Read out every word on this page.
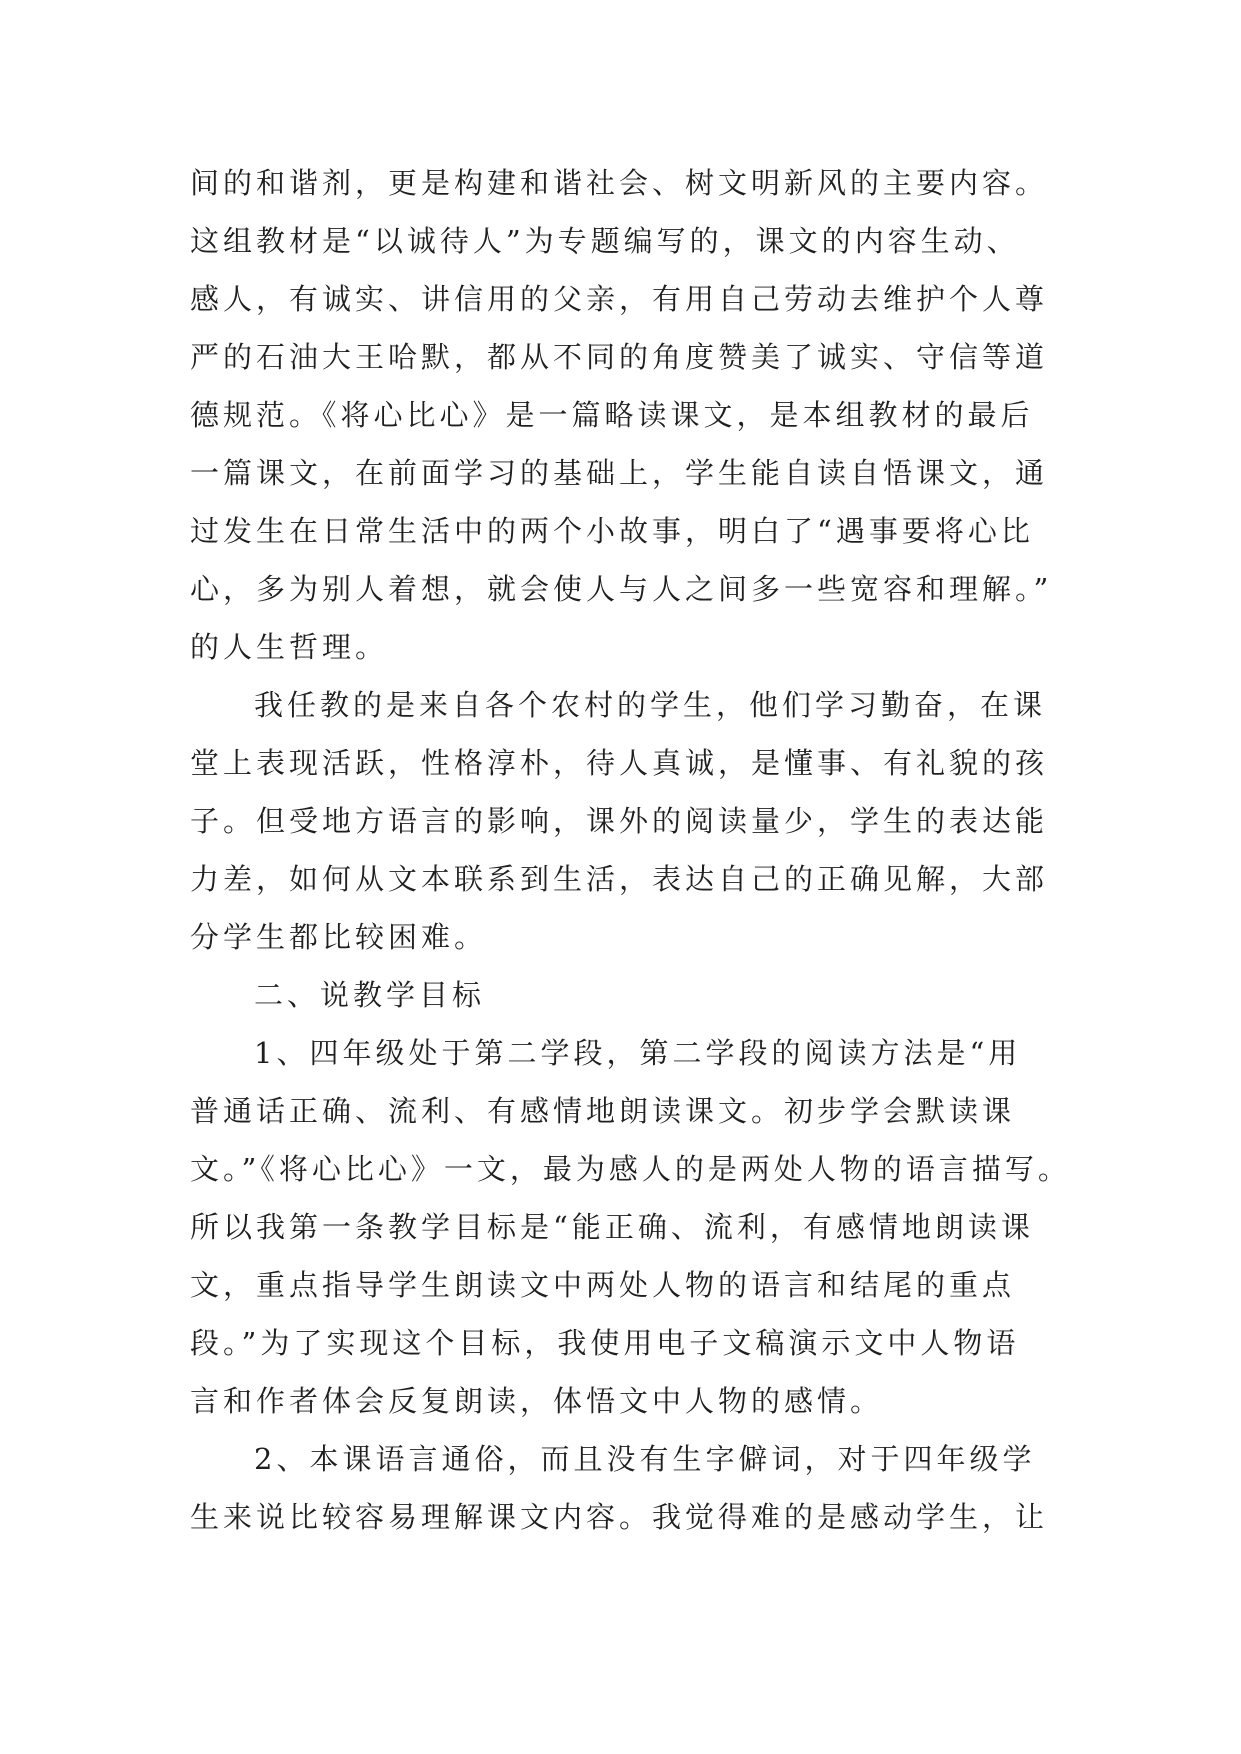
间的和谐剂，更是构建和谐社会、树文明新风的主要内容。
这组教材是“以诚待人”为专题编写的，课文的内容生动、
感人，有诚实、讲信用的父亲，有用自己劳动去维护个人尊
严的石油大王哈默，都从不同的角度赞美了诚实、守信等道
德规范。《将心比心》是一篇略读课文，是本组教材的最后
一篇课文，在前面学习的基础上，学生能自读自悟课文，通
过发生在日常生活中的两个小故事，明白了“遇事要将心比
心，多为别人着想，就会使人与人之间多一些宽容和理解。”
的人生哲理。
我任教的是来自各个农村的学生，他们学习勤奋，在课
堂上表现活跃，性格淳朴，待人真诚，是懂事、有礼貌的孩
子。但受地方语言的影响，课外的阅读量少，学生的表达能
力差，如何从文本联系到生活，表达自己的正确见解，大部
分学生都比较困难。
二、说教学目标
1、四年级处于第二学段，第二学段的阅读方法是“用
普通话正确、流利、有感情地朗读课文。初步学会默读课
文。”《将心比心》一文，最为感人的是两处人物的语言描写。
所以我第一条教学目标是“能正确、流利，有感情地朗读课
文，重点指导学生朗读文中两处人物的语言和结尾的重点
段。”为了实现这个目标，我使用电子文稿演示文中人物语
言和作者体会反复朗读，体悟文中人物的感情。
2、本课语言通俗，而且没有生字僻词，对于四年级学
生来说比较容易理解课文内容。我觉得难的是感动学生，让
